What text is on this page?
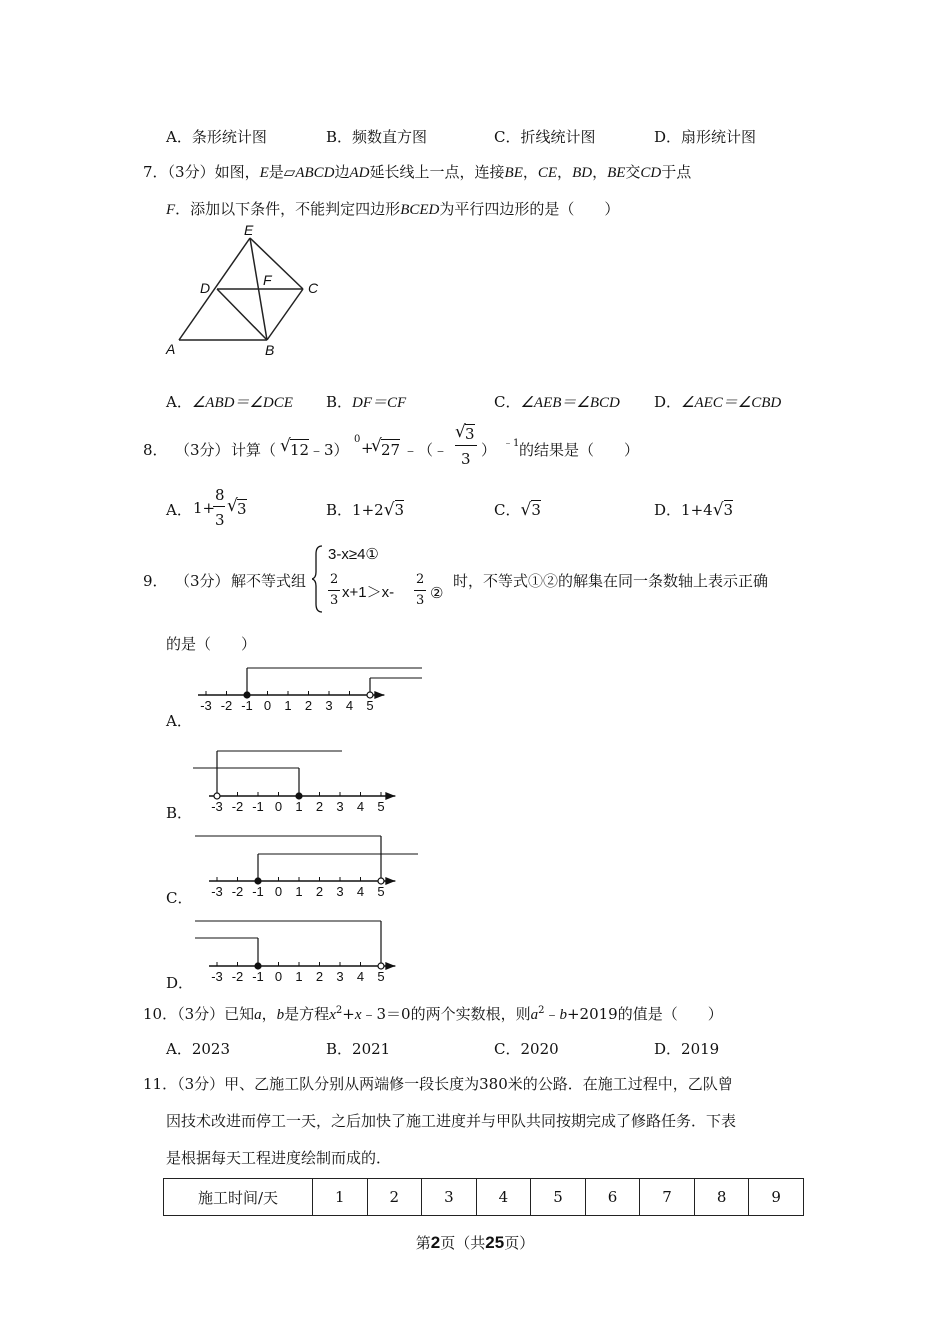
A．条形统计图	B．频数直方图	C．折线统计图	D．扇形统计图
7．（3分）如图，E是▱ABCD边AD延长线上一点，连接BE，CE，BD，BE交CD于点
F．添加以下条件，不能判定四边形BCED为平行四边形的是（　　）
E
D	F	C
A	B
A．∠ABD＝∠DCE B．DF＝CF	C．∠AEB＝∠BCD D．∠AEC＝∠CBD
8． （3分） 计算（ √ 12 ﹣3）
0 +
√ 27 ﹣（﹣
√ 3
3 ） ﹣1 的结果是（　　）
A． 1+
8
3
√ 3	B．1+2√3	C．√3	D．1+4√3
9． （3分） 解不等式组
3-x≥4①
2
3 x+1＞x-
2
3 ②
时，不等式①②的解集在同一条数轴上表示正确
的是（　　）
A．
-3 -2 -1 0 1 2 3 4 5
B． -3 -2 -1 0 1 2 3 4 5
C． -3 -2 -1 0 1 2 3 4 5
D． -3 -2 -1 0 1 2 3 4 5
10．（3分）已知a，b是方程$x^2+x﹣3=0$的两个实数根，则$a^2﹣b+2019$的值是（　　）
A．2023	B．2021	C．2020	D．2019
11．（3分）甲、乙施工队分别从两端修一段长度为380米的公路．在施工过程中，乙队曾
因技术改进而停工一天，之后加快了施工进度并与甲队共同按期完成了修路任务．下表
是根据每天工程进度绘制而成的．
施工时间/天	1	2	3	4	5	6	7	8	9
第2页（共25页）
